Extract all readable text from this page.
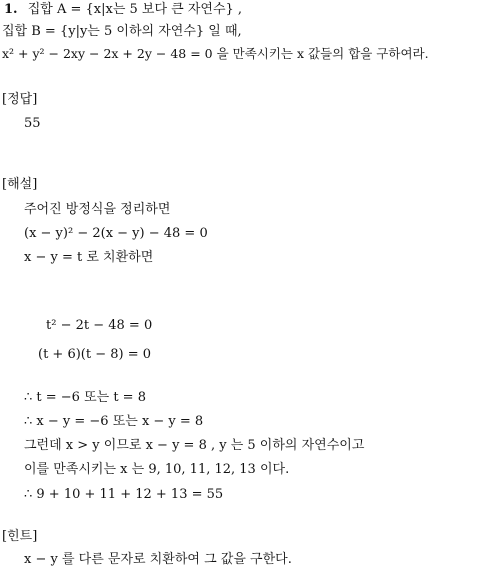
1. 집합 A = {x|x는 5 보다 큰 자연수} ,
집합 B = {y|y는 5 이하의 자연수} 일 때,
x² + y² − 2xy − 2x + 2y − 48 = 0 을 만족시키는 x 값들의 합을 구하여라.
[정답]
55
[해설]
주어진 방정식을 정리하면
(x − y)² − 2(x − y) − 48 = 0
x − y = t 로 치환하면
t² − 2t − 48 = 0
(t + 6)(t − 8) = 0
∴ t = −6 또는 t = 8
∴ x − y = −6 또는 x − y = 8
그런데 x > y 이므로 x − y = 8 , y 는 5 이하의 자연수이고
이를 만족시키는 x 는 9, 10, 11, 12, 13 이다.
∴ 9 + 10 + 11 + 12 + 13 = 55
[힌트]
x − y 를 다른 문자로 치환하여 그 값을 구한다.
